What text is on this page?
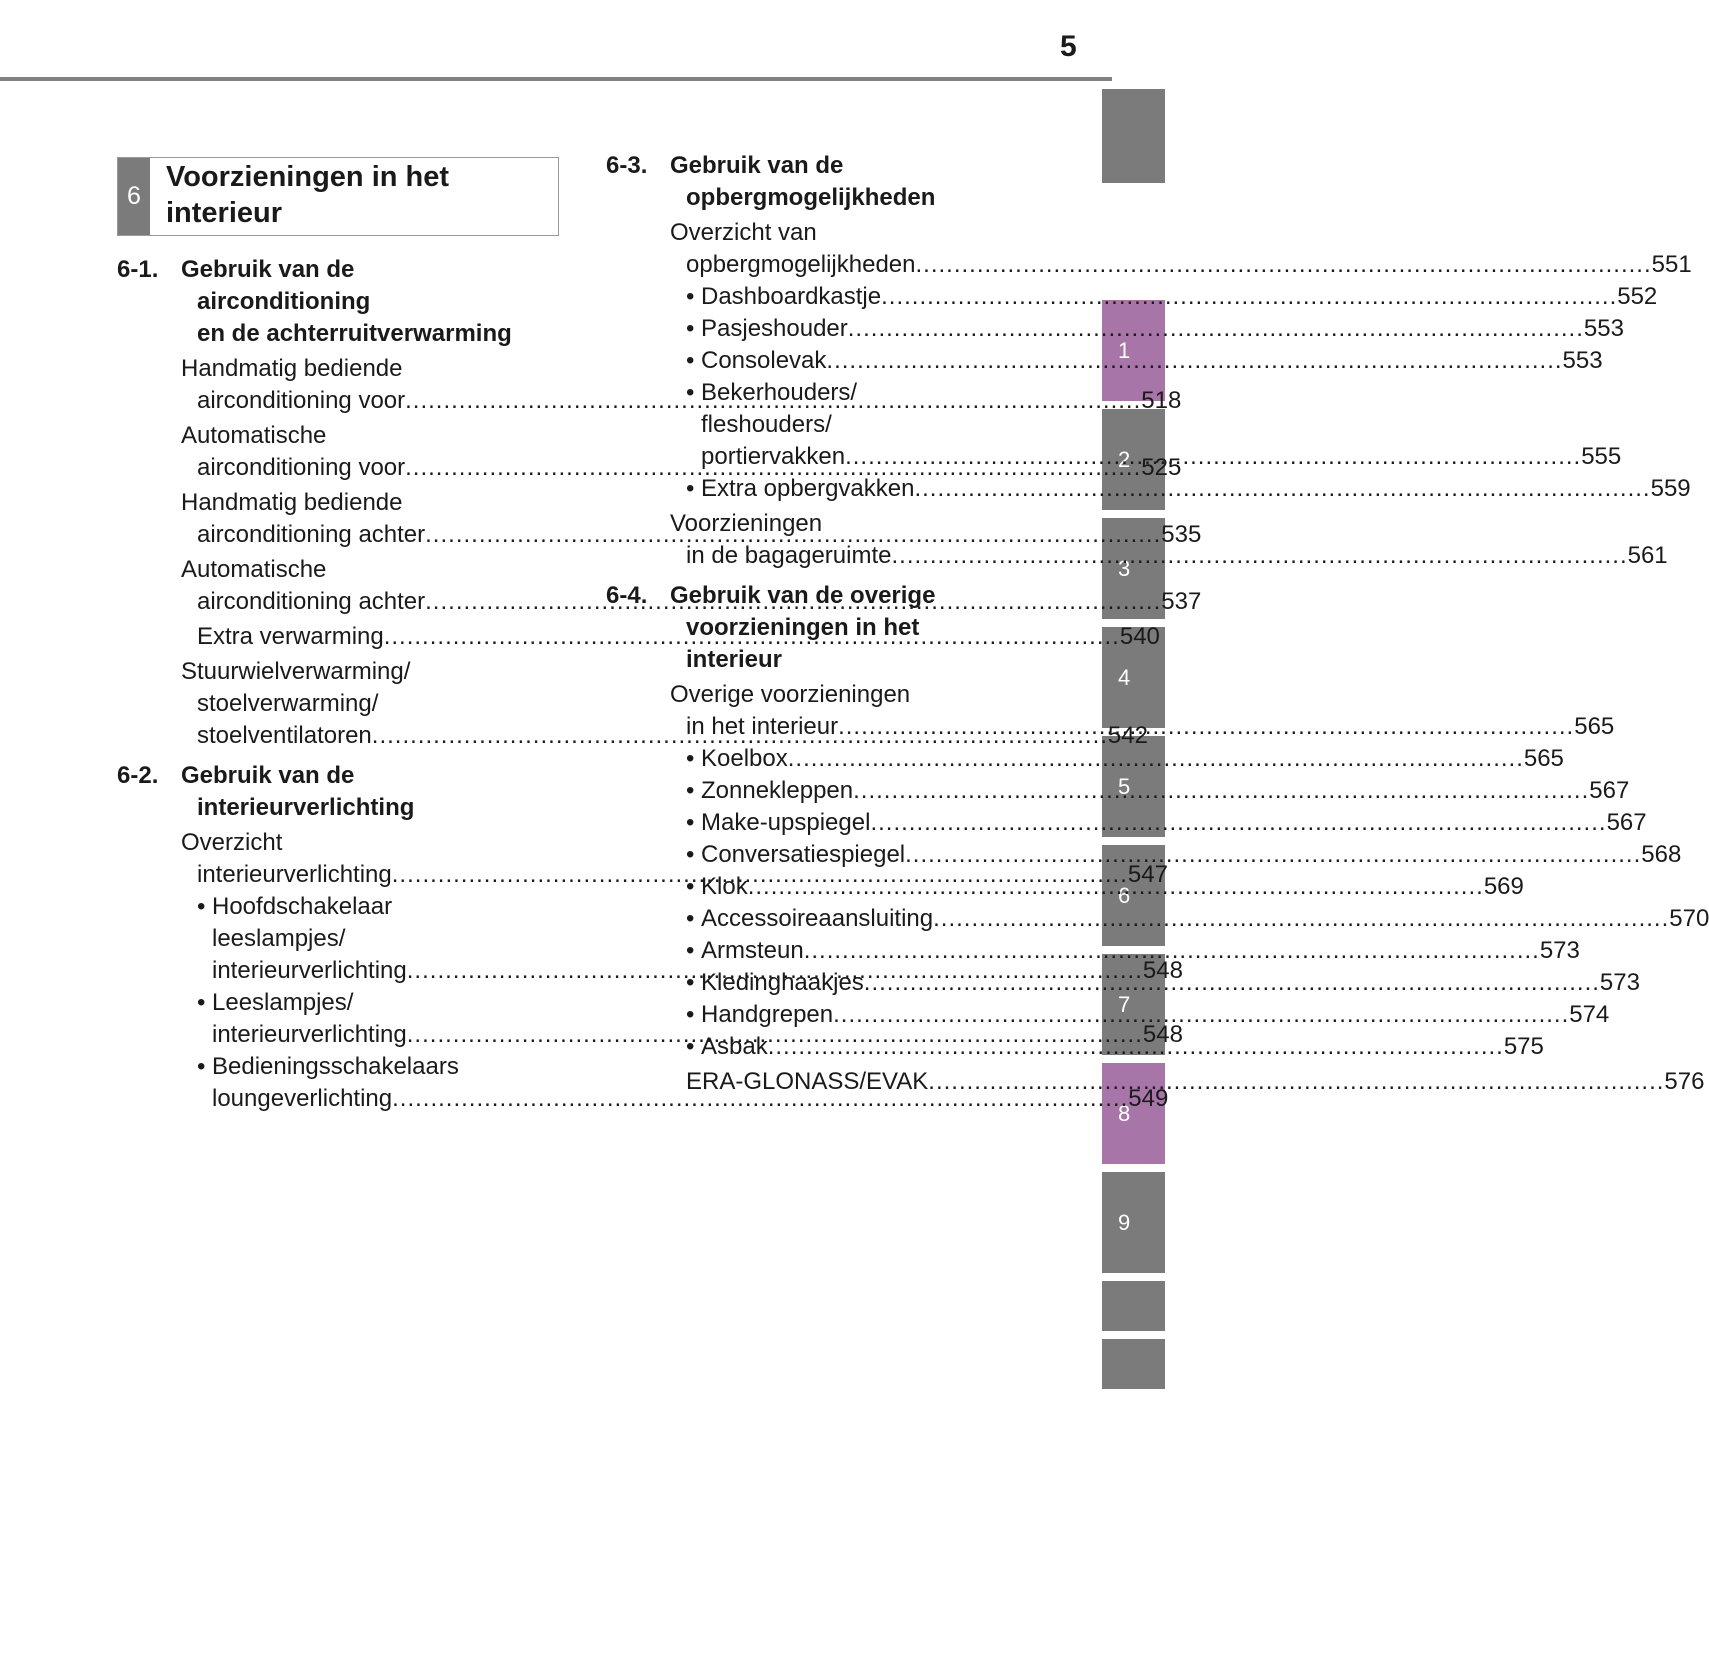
5
1
2
3
4
5
6
7
8
9
6
Voorzieningen in het
interieur
6-1. Gebruik van de
airconditioning
en de achterruitverwarming
Handmatig bediende
airconditioning voor .....	518
Automatische
airconditioning voor .....	525
Handmatig bediende
airconditioning achter .....	535
Automatische
airconditioning achter .....	537
Extra verwarming .....	540
Stuurwielverwarming/
stoelverwarming/
stoelventilatoren .....	542
6-2. Gebruik van de
interieurverlichting
Overzicht
interieurverlichting .....	547
• Hoofdschakelaar
leeslampjes/
interieurverlichting .....	548
• Leeslampjes/
interieurverlichting .....	548
• Bedieningsschakelaars
loungeverlichting .....	549
6-3. Gebruik van de
opbergmogelijkheden
Overzicht van
opbergmogelijkheden .....	551
• Dashboardkastje .....	552
• Pasjeshouder .....	553
• Consolevak .....	553
• Bekerhouders/
fleshouders/
portiervakken .....	555
• Extra opbergvakken .....	559
Voorzieningen
in de bagageruimte .....	561
6-4. Gebruik van de overige
voorzieningen in het
interieur
Overige voorzieningen
in het interieur .....	565
• Koelbox .....	565
• Zonnekleppen .....	567
• Make-upspiegel .....	567
• Conversatiespiegel .....	568
• Klok .....	569
• Accessoireaansluiting .....	570
• Armsteun .....	573
• Kledinghaakjes .....	573
• Handgrepen .....	574
• Asbak .....	575
ERA-GLONASS/EVAK .....	576
